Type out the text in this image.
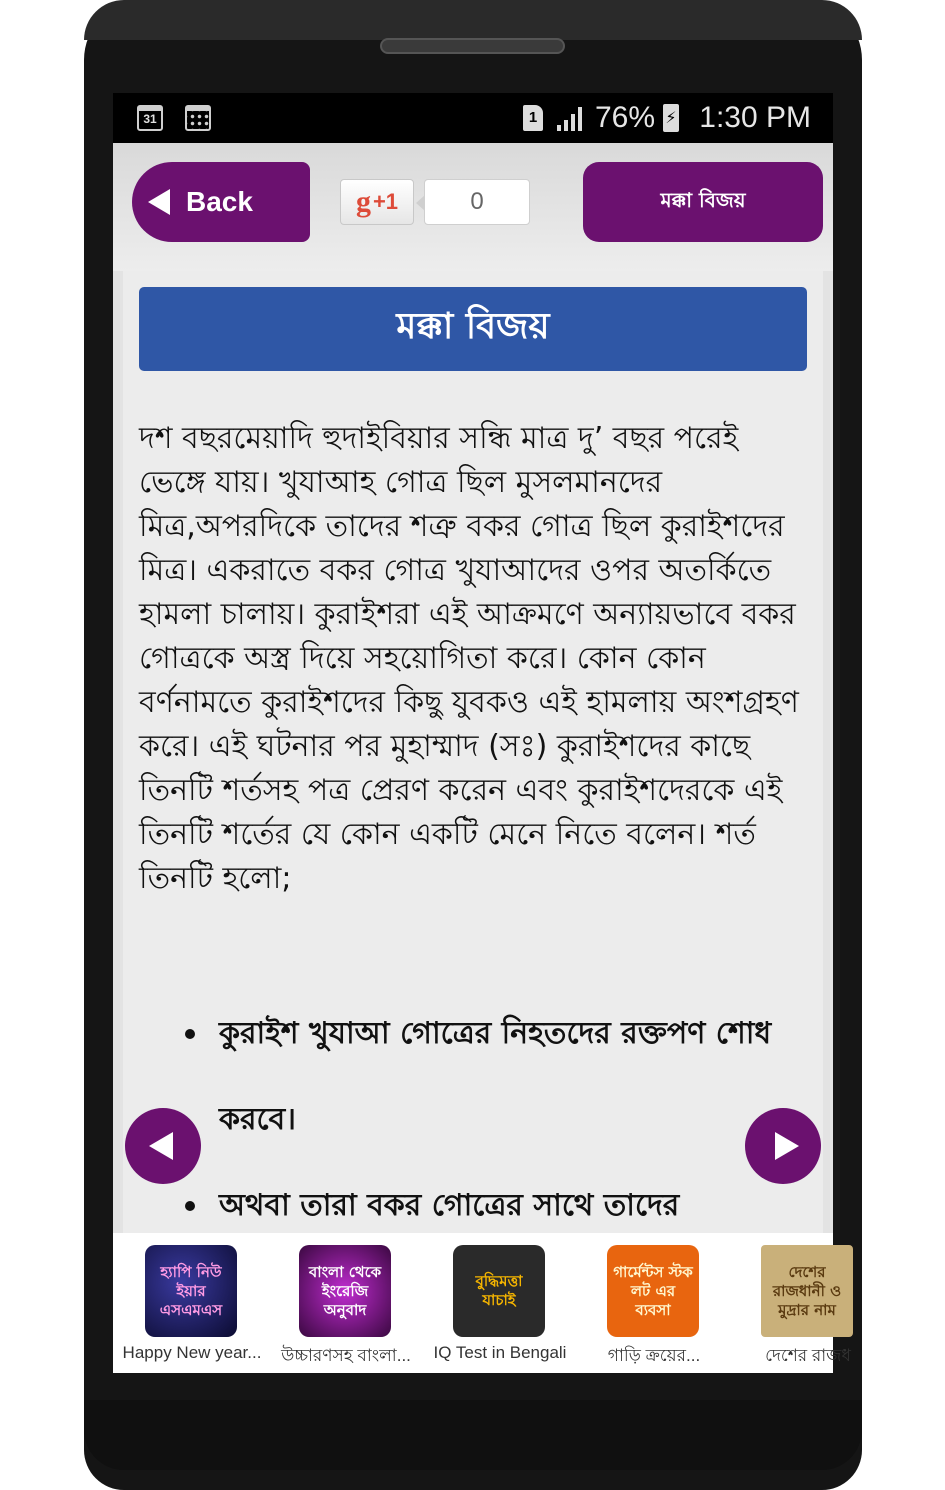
31	1 76% ⚡ 1:30 PM
Back	g +1	0	মক্কা বিজয়
মক্কা বিজয়

দশ বছরমেয়াদি হুদাইবিয়ার সন্ধি মাত্র দু’ বছর পরেই ভেঙ্গে যায়। খুযাআহ গোত্র ছিল মুসলমানদের মিত্র,অপরদিকে তাদের শত্রু বকর গোত্র ছিল কুরাইশদের মিত্র। একরাতে বকর গোত্র খুযাআদের ওপর অতর্কিতে হামলা চালায়। কুরাইশরা এই আক্রমণে অন্যায়ভাবে বকর গোত্রকে অস্ত্র দিয়ে সহয়োগিতা করে। কোন কোন বর্ণনামতে কুরাইশদের কিছু যুবকও এই হামলায় অংশগ্রহণ করে। এই ঘটনার পর মুহাম্মাদ (সঃ) কুরাইশদের কাছে তিনটি শর্তসহ পত্র প্রেরণ করেন এবং কুরাইশদেরকে এই তিনটি শর্তের যে কোন একটি মেনে নিতে বলেন। শর্ত তিনটি হলো;

কুরাইশ খুযাআ গোত্রের নিহতদের রক্তপণ শোধ করবে।
অথবা তারা বকর গোত্রের সাথে তাদের
হ্যাপি নিউ ইয়ার এসএমএস
Happy New year...
বাংলা থেকে ইংরেজি অনুবাদ
উচ্চারণসহ বাংলা...
বুদ্ধিমত্তা যাচাই
IQ Test in Bengali
গার্মেন্টস স্টক লট এর ব্যবসা
গাড়ি ক্রয়ের...
দেশের রাজধানী ও মুদ্রার নাম
দেশের রাজধ
